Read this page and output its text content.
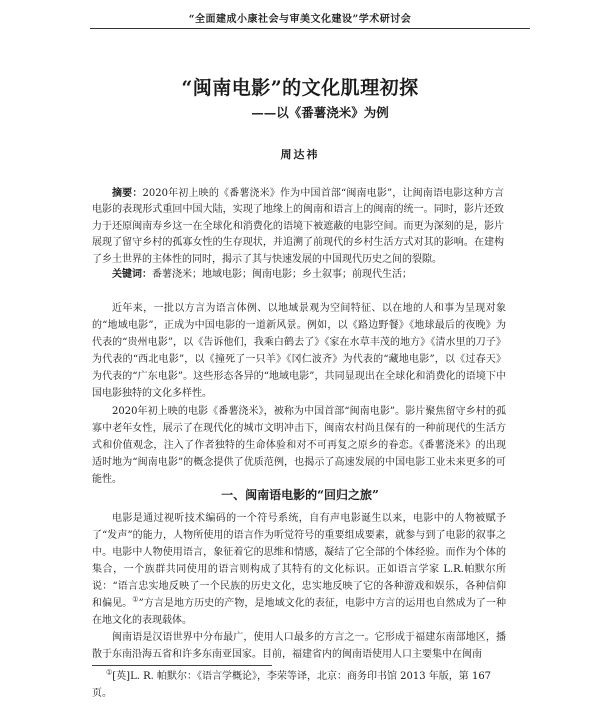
“全面建成小康社会与审美文化建设”学术研讨会
“闽南电影”的文化肌理初探
——以《番薯浇米》为例
周达祎

摘要：2020年初上映的《番薯浇米》作为中国首部“闽南电影”，让闽南语电影这种方言电影的表现形式重回中国大陆，实现了地缘上的闽南和语言上的闽南的统一。同时，影片还致力于还原闽南寿乡这一在全球化和消费化的语境下被遮蔽的电影空间。而更为深刻的是，影片展现了留守乡村的孤寡女性的生存现状，并追溯了前现代的乡村生活方式对其的影响。在建构了乡土世界的主体性的同时，揭示了其与快速发展的中国现代历史之间的裂隙。

关键词：番薯浇米；地域电影；闽南电影；乡土叙事；前现代生活；

近年来，一批以方言为语言体例、以地域景观为空间特征、以在地的人和事为呈现对象的“地域电影”，正成为中国电影的一道新风景。例如，以《路边野餐》《地球最后的夜晚》为代表的“贵州电影”，以《告诉他们，我乘白鹤去了》《家在水草丰茂的地方》《清水里的刀子》为代表的“西北电影”，以《撞死了一只羊》《冈仁波齐》为代表的“藏地电影”，以《过春天》为代表的“广东电影”。这些形态各异的“地域电影”，共同显现出在全球化和消费化的语境下中国电影独特的文化多样性。

2020年初上映的电影《番薯浇米》，被称为中国首部“闽南电影”。影片聚焦留守乡村的孤寡中老年女性，展示了在现代化的城市文明冲击下，闽南农村尚且保有的一种前现代的生活方式和价值观念，注入了作者独特的生命体验和对不可再复之原乡的眷恋。《番薯浇米》的出现适时地为“闽南电影”的概念提供了优质范例，也揭示了高速发展的中国电影工业未来更多的可能性。

一、闽南语电影的“回归之旅”

电影是通过视听技术编码的一个符号系统，自有声电影诞生以来，电影中的人物被赋予了“发声”的能力，人物所使用的语言作为听觉符号的重要组成要素，就参与到了电影的叙事之中。电影中人物使用语言，象征着它的思维和情感，凝结了它全部的个体经验。而作为个体的集合，一个族群共同使用的语言则构成了其特有的文化标识。正如语言学家 L.R.帕默尔所说：“语言忠实地反映了一个民族的历史文化，忠实地反映了它的各种游戏和娱乐，各种信仰和偏见。①”方言是地方历史的产物，是地域文化的表征，电影中方言的运用也自然成为了一种在地文化的表现载体。

闽南语是汉语世界中分布最广，使用人口最多的方言之一。它形成于福建东南部地区，播散于东南沿海五省和许多东南亚国家。目前，福建省内的闽南语使用人口主要集中在闽南

①[英]L. R. 帕默尔：《语言学概论》，李荣等译，北京：商务印书馆 2013 年版，第 167 页。
